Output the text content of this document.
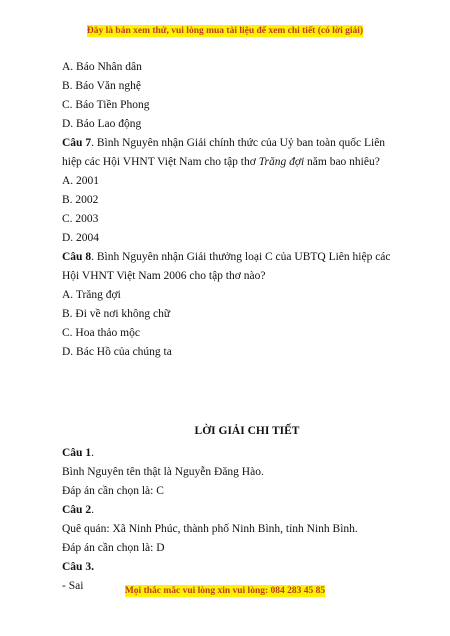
Đây là bản xem thử, vui lòng mua tài liệu để xem chi tiết (có lời giải)

A. Báo Nhân dân

B. Báo Văn nghệ

C. Báo Tiền Phong

D. Báo Lao động

Câu 7. Bình Nguyên nhận Giải chính thức của Uỷ ban toàn quốc Liên hiệp các Hội VHNT Việt Nam cho tập thơ Trăng đợi năm bao nhiêu?

A. 2001

B. 2002

C. 2003

D. 2004

Câu 8. Bình Nguyên nhận Giải thưởng loại C của UBTQ Liên hiệp các Hội VHNT Việt Nam 2006 cho tập thơ nào?

A. Trăng đợi

B. Đi về nơi không chữ

C. Hoa thảo mộc

D. Bác Hồ của chúng ta

LỜI GIẢI CHI TIẾT

Câu 1.

Bình Nguyên tên thật là Nguyễn Đăng Hào.

Đáp án cần chọn là: C

Câu 2.

Quê quán: Xã Ninh Phúc, thành phố Ninh Bình, tỉnh Ninh Bình.

Đáp án cần chọn là: D

Câu 3.

- Sai	Mọi thắc mắc vui lòng xin vui lòng: 084 283 45 85
